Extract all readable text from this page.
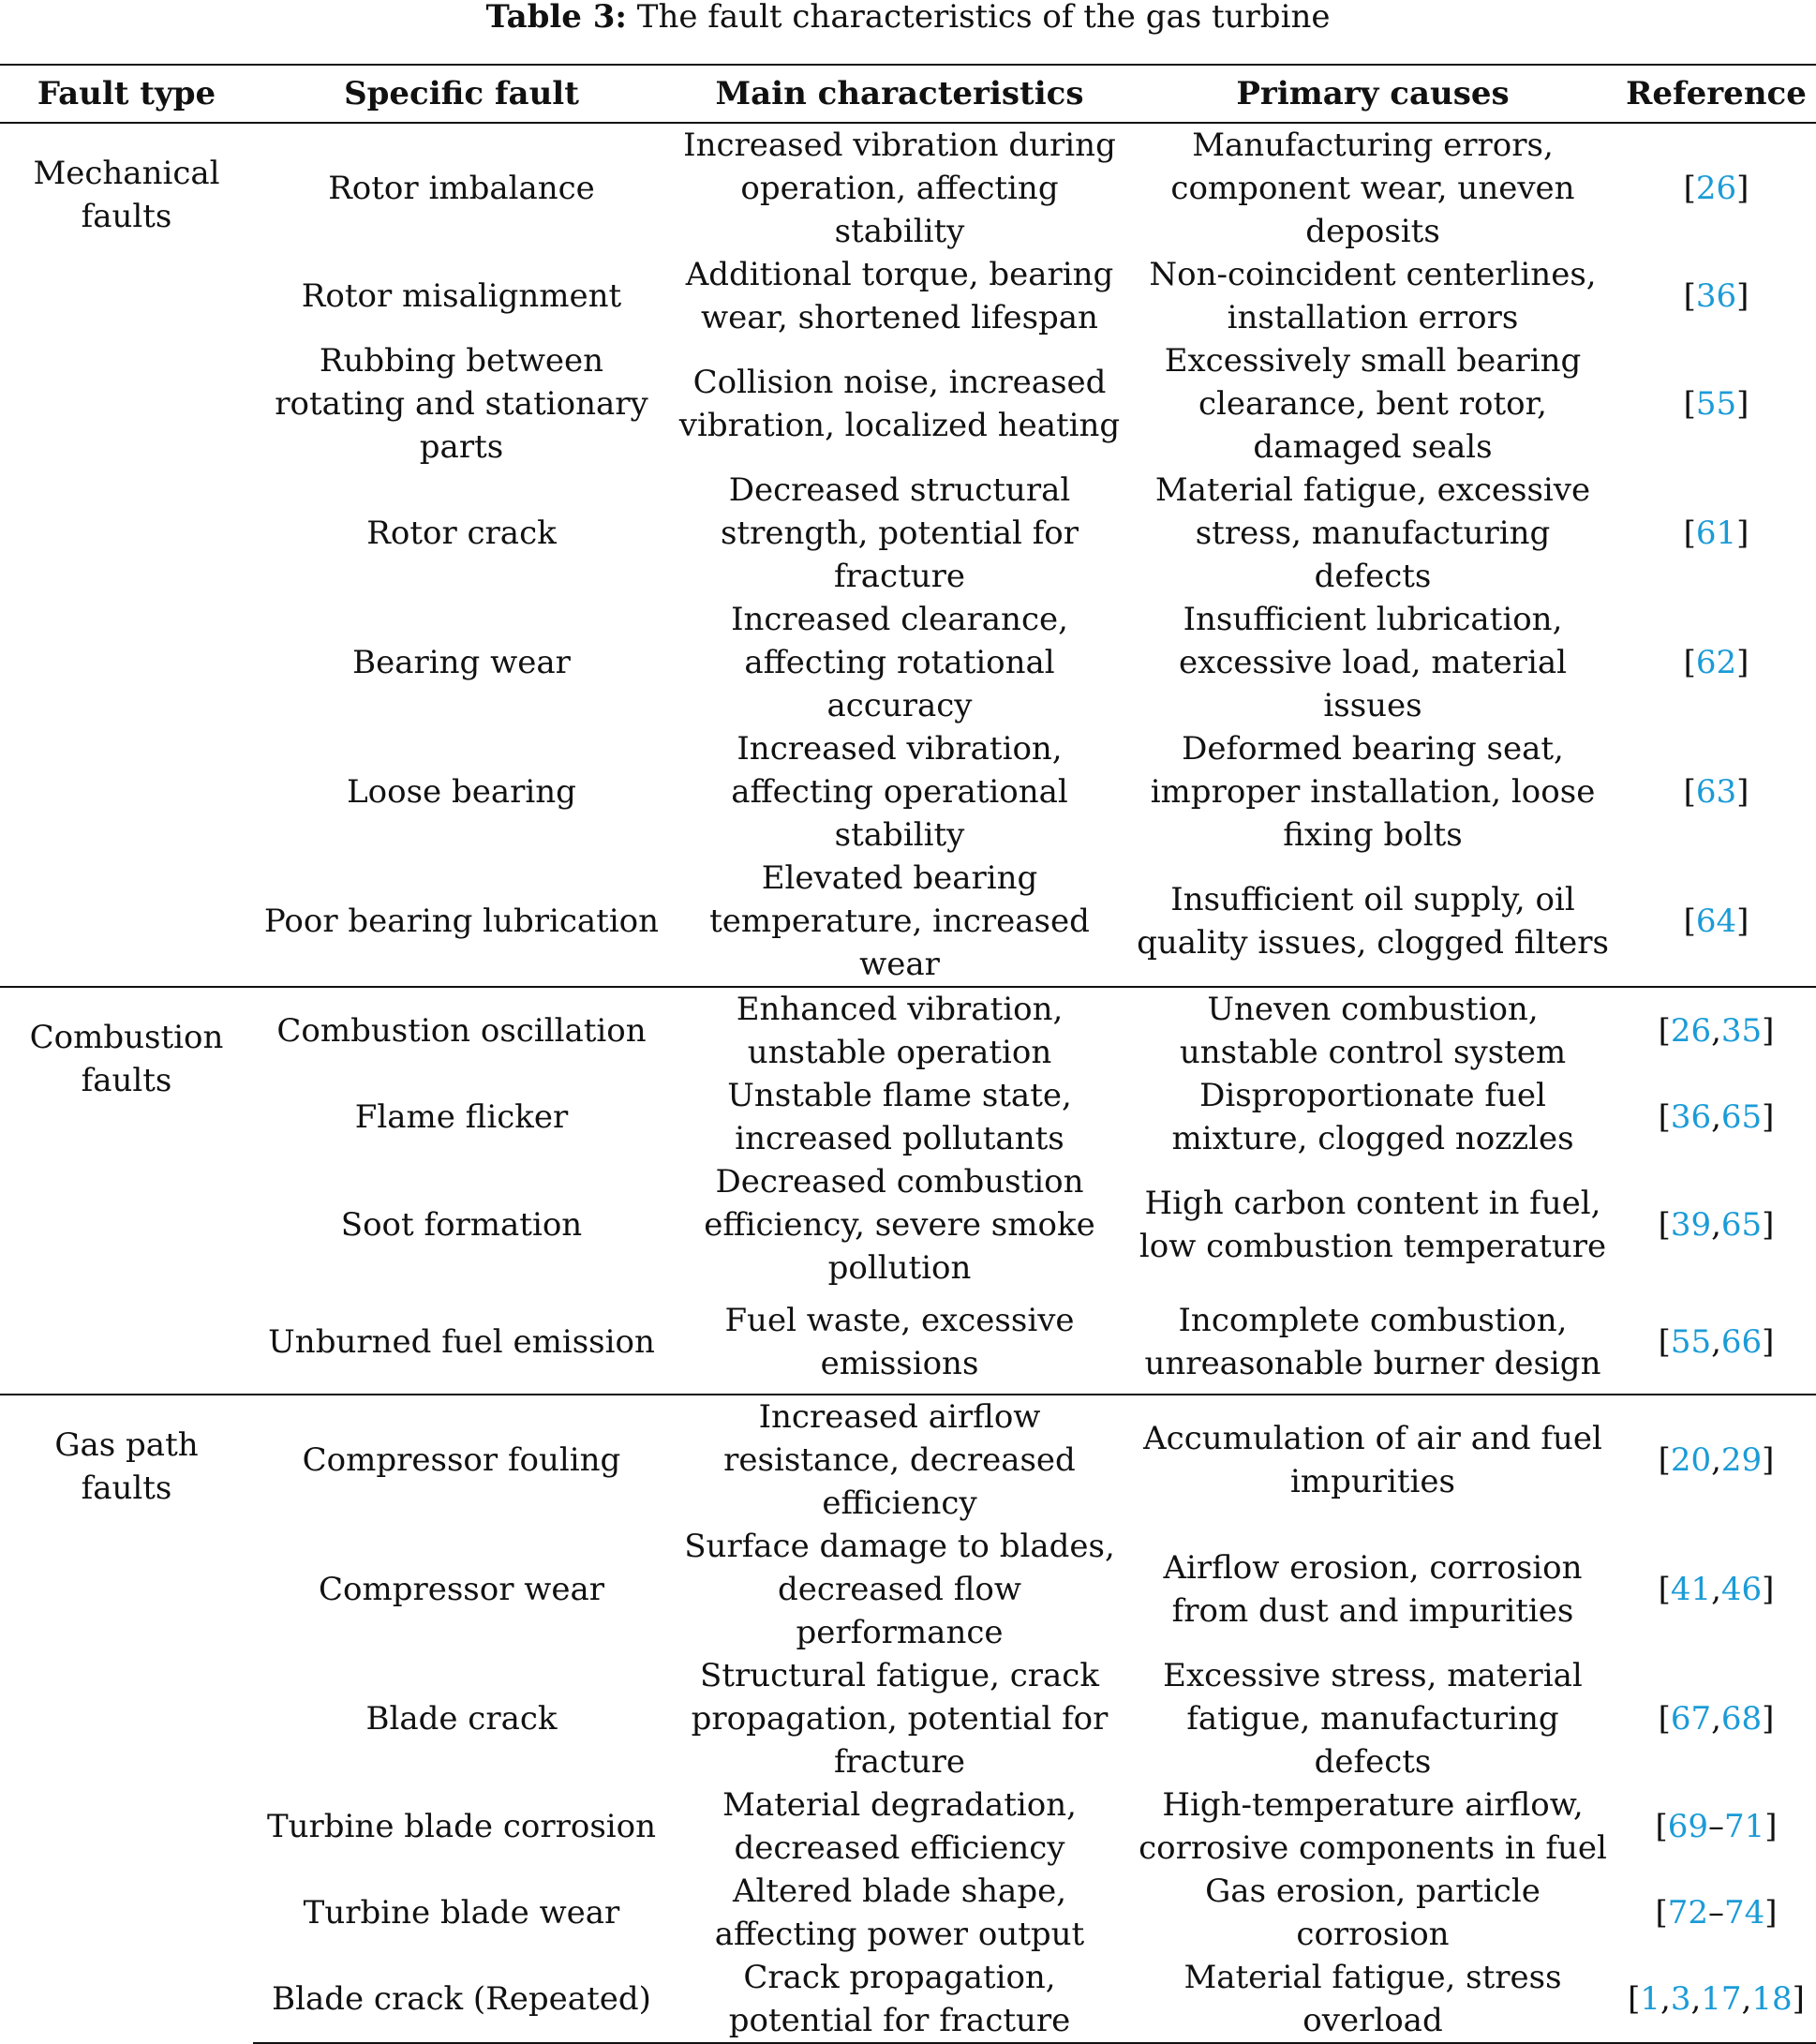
Table 3: The fault characteristics of the gas turbine
Fault type	Specific fault	Main characteristics	Primary causes	Reference
Mechanical faults	Rotor imbalance	Increased vibration during operation, affecting stability	Manufacturing errors, component wear, uneven deposits	[26]
	Rotor misalignment	Additional torque, bearing wear, shortened lifespan	Non-coincident centerlines, installation errors	[36]
	Rubbing between rotating and stationary parts	Collision noise, increased vibration, localized heating	Excessively small bearing clearance, bent rotor, damaged seals	[55]
	Rotor crack	Decreased structural strength, potential for fracture	Material fatigue, excessive stress, manufacturing defects	[61]
	Bearing wear	Increased clearance, affecting rotational accuracy	Insufficient lubrication, excessive load, material issues	[62]
	Loose bearing	Increased vibration, affecting operational stability	Deformed bearing seat, improper installation, loose fixing bolts	[63]
	Poor bearing lubrication	Elevated bearing temperature, increased wear	Insufficient oil supply, oil quality issues, clogged filters	[64]
Combustion faults	Combustion oscillation	Enhanced vibration, unstable operation	Uneven combustion, unstable control system	[26,35]
	Flame flicker	Unstable flame state, increased pollutants	Disproportionate fuel mixture, clogged nozzles	[36,65]
	Soot formation	Decreased combustion efficiency, severe smoke pollution	High carbon content in fuel, low combustion temperature	[39,65]
	Unburned fuel emission	Fuel waste, excessive emissions	Incomplete combustion, unreasonable burner design	[55,66]
Gas path faults	Compressor fouling	Increased airflow resistance, decreased efficiency	Accumulation of air and fuel impurities	[20,29]
	Compressor wear	Surface damage to blades, decreased flow performance	Airflow erosion, corrosion from dust and impurities	[41,46]
	Blade crack	Structural fatigue, crack propagation, potential for fracture	Excessive stress, material fatigue, manufacturing defects	[67,68]
	Turbine blade corrosion	Material degradation, decreased efficiency	High-temperature airflow, corrosive components in fuel	[69–71]
	Turbine blade wear	Altered blade shape, affecting power output	Gas erosion, particle corrosion	[72–74]
	Blade crack (Repeated)	Crack propagation, potential for fracture	Material fatigue, stress overload	[1,3,17,18]
